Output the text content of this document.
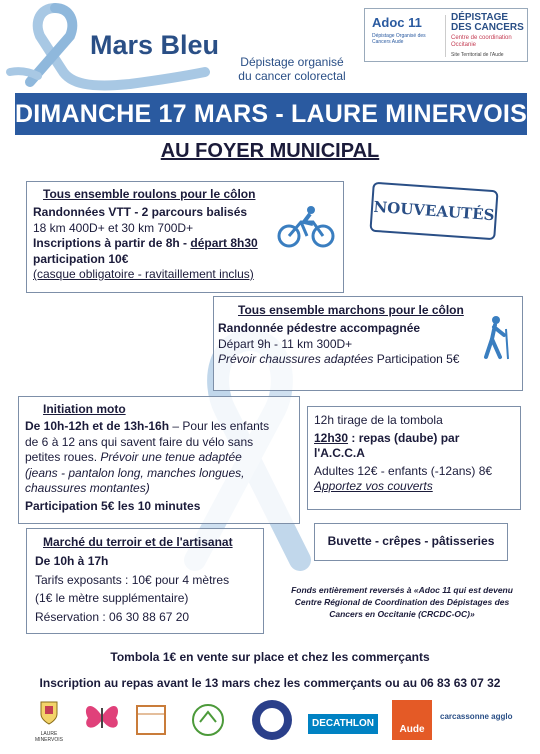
Mars Bleu
Dépistage organisé
du cancer colorectal
Adoc 11
Dépistage Organisé des Cancers Aude
DÉPISTAGE DES CANCERS
Centre de coordination Occitanie
Site Territorial de l'Aude
DIMANCHE 17 MARS - LAURE MINERVOIS
AU FOYER MUNICIPAL
NOUVEAUTÉS
Tous ensemble roulons pour le côlon
Randonnées VTT - 2 parcours balisés
18 km 400D+ et 30 km 700D+
Inscriptions à partir de 8h - départ 8h30
participation 10€
(casque obligatoire - ravitaillement inclus)
Tous ensemble marchons pour le côlon
Randonnée pédestre accompagnée
Départ 9h - 11 km 300D+
Prévoir chaussures adaptées Participation 5€
Initiation moto
De 10h-12h et de 13h-16h – Pour les enfants
de 6 à 12 ans qui savent faire du vélo sans
petites roues. Prévoir une tenue adaptée
(jeans - pantalon long, manches longues,
chaussures montantes)
Participation 5€ les 10 minutes
12h tirage de la tombola
12h30 : repas (daube) par
l'A.C.C.A
Adultes 12€ - enfants (-12ans) 8€
Apportez vos couverts
Buvette - crêpes - pâtisseries
Marché du terroir et de l'artisanat
De 10h à 17h
Tarifs exposants : 10€ pour 4 mètres
(1€ le mètre supplémentaire)
Réservation : 06 30 88 67 20
Fonds entièrement reversés à «Adoc 11 qui est devenu Centre Régional de Coordination des Dépistages des Cancers en Occitanie (CRCDC-OC)»
Tombola 1€ en vente sur place et chez les commerçants
Inscription au repas avant le 13 mars chez les commerçants ou au 06 83 63 07 32
LAURE MINERVOIS
DECATHLON
Aude
carcassonne agglo
